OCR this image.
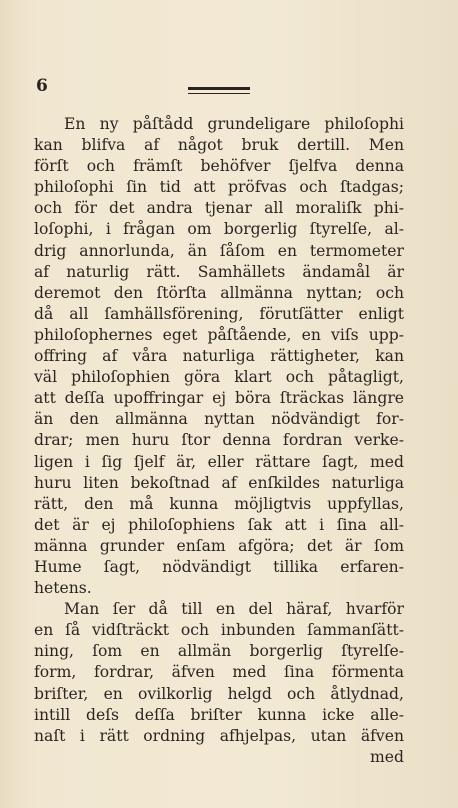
6
En ny påſtådd grundeligare philoſophi
kan blifva af något bruk dertill. Men
förſt och främſt behöfver ſjelfva denna
philoſophi ſin tid att pröfvas och ſtadgas;
och för det andra tjenar all moraliſk phi-
loſophi, i frågan om borgerlig ſtyrelſe, al-
drig annorlunda, än ſåſom en termometer
af naturlig rätt. Samhällets ändamål är
deremot den ſtörſta allmänna nyttan; och
då all ſamhällsförening, förutſätter enligt
philoſophernes eget påſtående, en viſs upp-
offring af våra naturliga rättigheter, kan
väl philoſophien göra klart och påtagligt,
att deſſa upoffringar ej böra ſträckas längre
än den allmänna nyttan nödvändigt for-
drar; men huru ſtor denna fordran verke-
ligen i ſig ſjelf är, eller rättare ſagt, med
huru liten bekoſtnad af enſkildes naturliga
rätt, den må kunna möjligtvis uppfyllas,
det är ej philoſophiens ſak att i ſina all-
männa grunder enſam afgöra; det är ſom
Hume ſagt, nödvändigt tillika erfaren-
hetens.
Man ſer då till en del häraf, hvarför
en ſå vidſträckt och inbunden ſammanſätt-
ning, ſom en allmän borgerlig ſtyrelſe-
form, fordrar, äfven med ſina förmenta
briſter, en ovilkorlig helgd och åtlydnad,
intill deſs deſſa briſter kunna icke alle-
naſt i rätt ordning afhjelpas, utan äfven
med
